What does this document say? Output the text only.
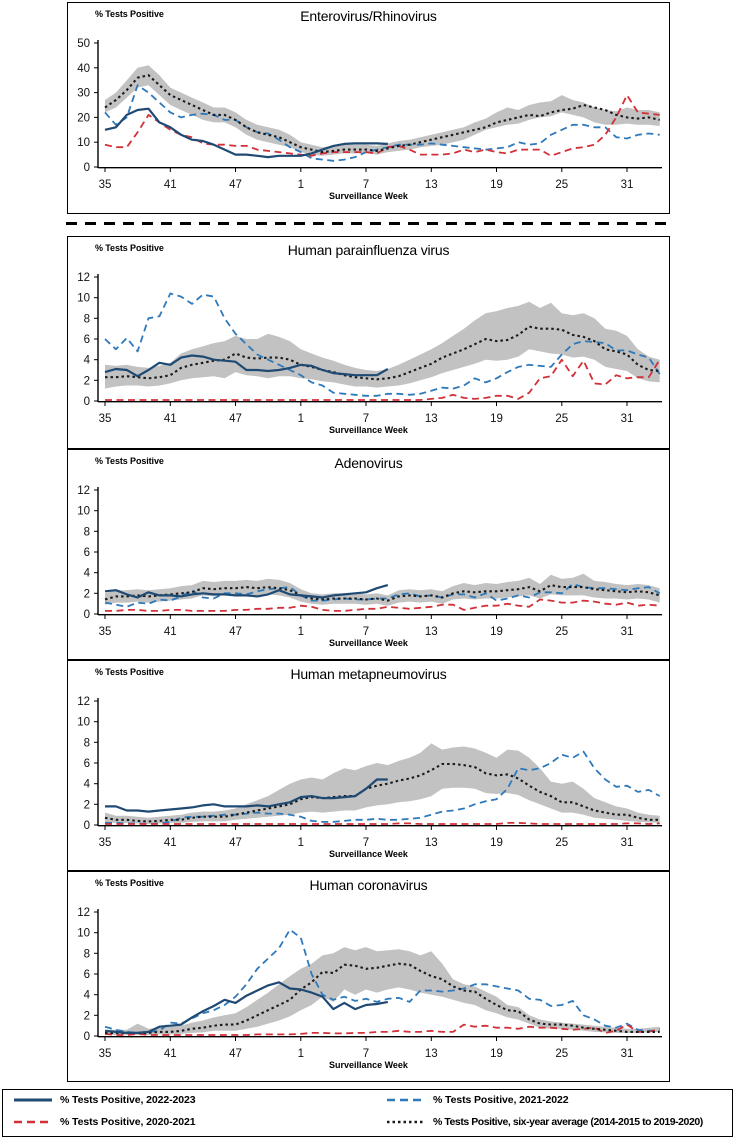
0
10
20
30
40
50
35	41	47	1	7	13	19	25	31
% Tests Positive	Enterovirus/Rhinovirus
Surveillance Week
0
2
4
6
8
10
12
35	41	47	1	7	13	19	25	31
% Tests Positive	Human parainfluenza virus
Surveillance Week
0
2
4
6
8
10
12
35	41	47	1	7	13	19	25	31
% Tests Positive	Adenovirus
Surveillance Week
0
2
4
6
8
10
12
35	41	47	1	7	13	19	25	31
% Tests Positive	Human metapneumovirus
Surveillance Week
0
2
4
6
8
10
12
35	41	47	1	7	13	19	25	31
% Tests Positive	Human coronavirus
Surveillance Week
% Tests Positive, 2022-2023	% Tests Positive, 2021-2022
% Tests Positive, 2020-2021	% Tests Positive, six-year average (2014-2015 to 2019-2020)
